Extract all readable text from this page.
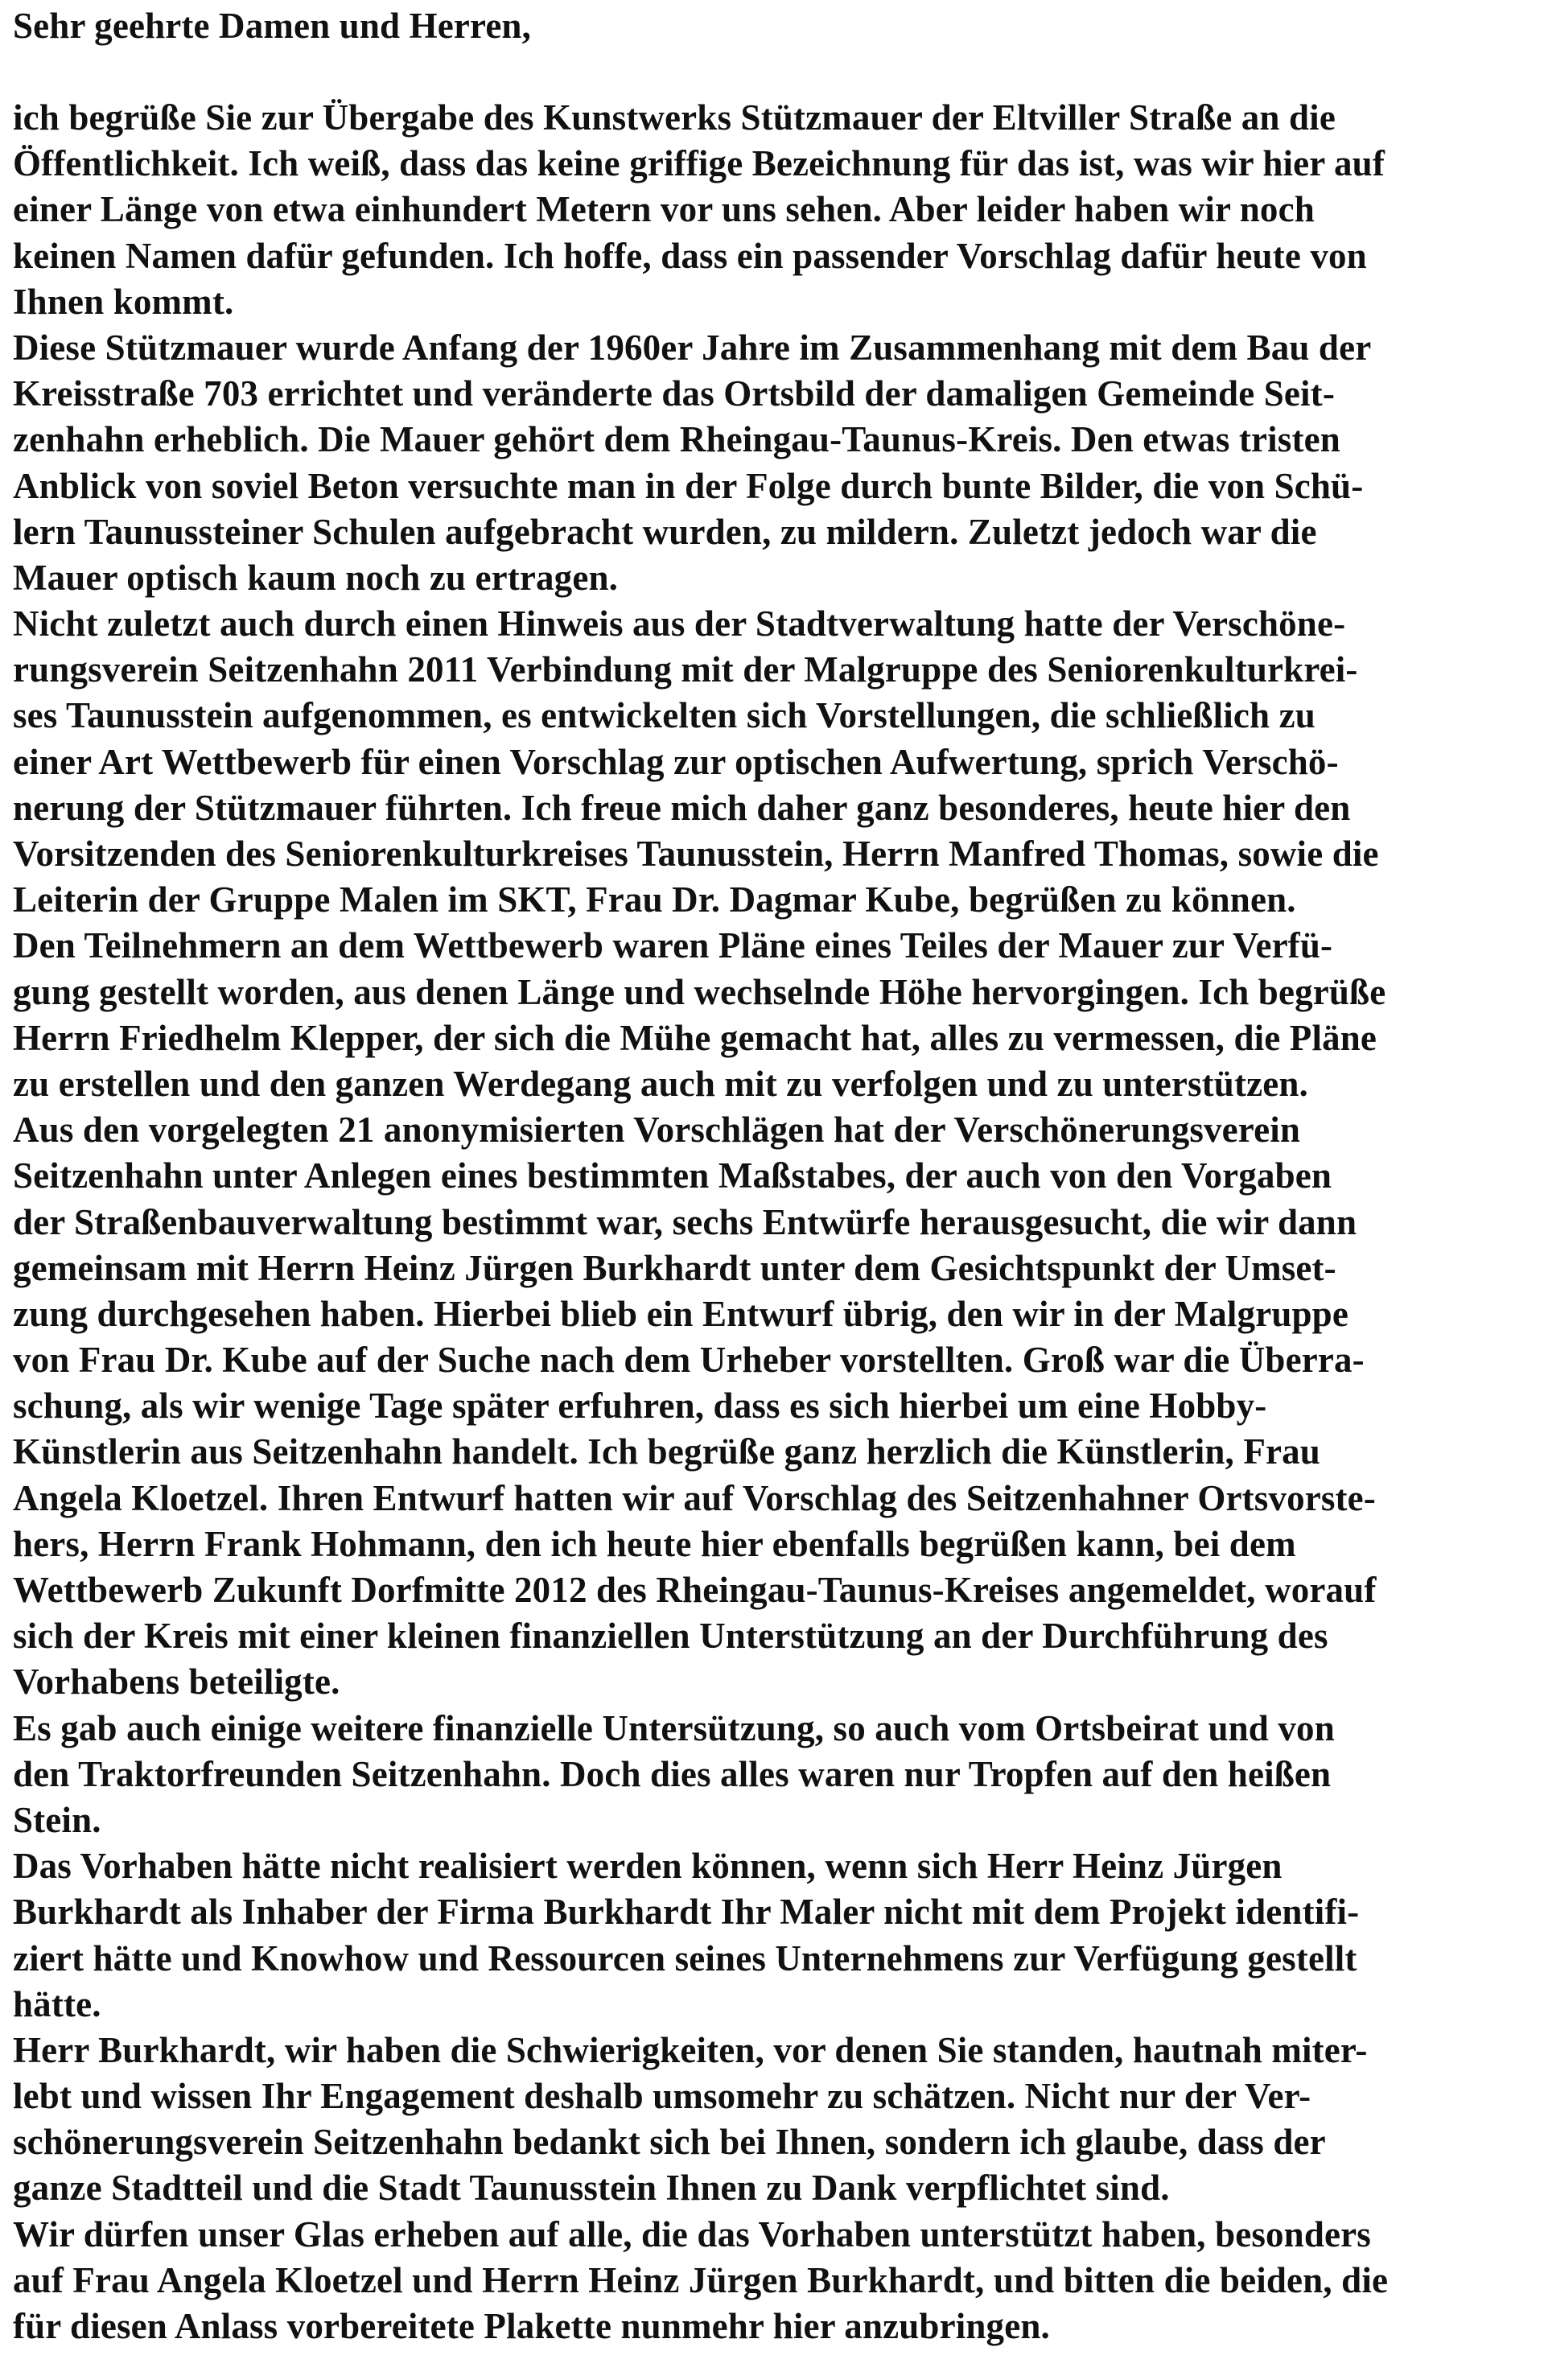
Sehr geehrte Damen und Herren,
ich begrüße Sie zur Übergabe des Kunstwerks Stützmauer der Eltviller Straße an die
Öffentlichkeit. Ich weiß, dass das keine griffige Bezeichnung für das ist, was wir hier auf
einer Länge von etwa einhundert Metern vor uns sehen. Aber leider haben wir noch
keinen Namen dafür gefunden. Ich hoffe, dass ein passender Vorschlag dafür heute von
Ihnen kommt.
Diese Stützmauer wurde Anfang der 1960er Jahre im Zusammenhang mit dem Bau der
Kreisstraße 703 errichtet und veränderte das Ortsbild der damaligen Gemeinde Seit-
zenhahn erheblich. Die Mauer gehört dem Rheingau-Taunus-Kreis. Den etwas tristen
Anblick von soviel Beton versuchte man in der Folge durch bunte Bilder, die von Schü-
lern Taunussteiner Schulen aufgebracht wurden, zu mildern. Zuletzt jedoch war die
Mauer optisch kaum noch zu ertragen.
Nicht zuletzt auch durch einen Hinweis aus der Stadtverwaltung hatte der Verschöne-
rungsverein Seitzenhahn 2011 Verbindung mit der Malgruppe des Seniorenkulturkrei-
ses Taunusstein aufgenommen, es entwickelten sich Vorstellungen, die schließlich zu
einer Art Wettbewerb für einen Vorschlag zur optischen Aufwertung, sprich Verschö-
nerung der Stützmauer führten. Ich freue mich daher ganz besonderes, heute hier den
Vorsitzenden des Seniorenkulturkreises Taunusstein, Herrn Manfred Thomas, sowie die
Leiterin der Gruppe Malen im SKT, Frau Dr. Dagmar Kube, begrüßen zu können.
Den Teilnehmern an dem Wettbewerb waren Pläne eines Teiles der Mauer zur Verfü-
gung gestellt worden, aus denen Länge und wechselnde Höhe hervorgingen. Ich begrüße
Herrn Friedhelm Klepper, der sich die Mühe gemacht hat, alles zu vermessen, die Pläne
zu erstellen und den ganzen Werdegang auch mit zu verfolgen und zu unterstützen.
Aus den vorgelegten 21 anonymisierten Vorschlägen hat der Verschönerungsverein
Seitzenhahn unter Anlegen eines bestimmten Maßstabes, der auch von den Vorgaben
der Straßenbauverwaltung bestimmt war, sechs Entwürfe herausgesucht, die wir dann
gemeinsam mit Herrn Heinz Jürgen Burkhardt unter dem Gesichtspunkt der Umset-
zung durchgesehen haben. Hierbei blieb ein Entwurf übrig, den wir in der Malgruppe
von Frau Dr. Kube auf der Suche nach dem Urheber vorstellten. Groß war die Überra-
schung, als wir wenige Tage später erfuhren, dass es sich hierbei um eine Hobby-
Künstlerin aus Seitzenhahn handelt. Ich begrüße ganz herzlich die Künstlerin, Frau
Angela Kloetzel. Ihren Entwurf hatten wir auf Vorschlag des Seitzenhahner Ortsvorste-
hers, Herrn Frank Hohmann, den ich heute hier ebenfalls begrüßen kann, bei dem
Wettbewerb Zukunft Dorfmitte 2012 des Rheingau-Taunus-Kreises angemeldet, worauf
sich der Kreis mit einer kleinen finanziellen Unterstützung an der Durchführung des
Vorhabens beteiligte.
Es gab auch einige weitere finanzielle Untersützung, so auch vom Ortsbeirat und von
den Traktorfreunden Seitzenhahn. Doch dies alles waren nur Tropfen auf den heißen
Stein.
Das Vorhaben hätte nicht realisiert werden können, wenn sich Herr Heinz Jürgen
Burkhardt als Inhaber der Firma Burkhardt Ihr Maler nicht mit dem Projekt identifi-
ziert hätte und Knowhow und Ressourcen seines Unternehmens zur Verfügung gestellt
hätte.
Herr Burkhardt, wir haben die Schwierigkeiten, vor denen Sie standen, hautnah miter-
lebt und wissen Ihr Engagement deshalb umsomehr zu schätzen. Nicht nur der Ver-
schönerungsverein Seitzenhahn bedankt sich bei Ihnen, sondern ich glaube, dass der
ganze Stadtteil und die Stadt Taunusstein Ihnen zu Dank verpflichtet sind.
Wir dürfen unser Glas erheben auf alle, die das Vorhaben unterstützt haben, besonders
auf Frau Angela Kloetzel und Herrn Heinz Jürgen Burkhardt, und bitten die beiden, die
für diesen Anlass vorbereitete Plakette nunmehr hier anzubringen.
